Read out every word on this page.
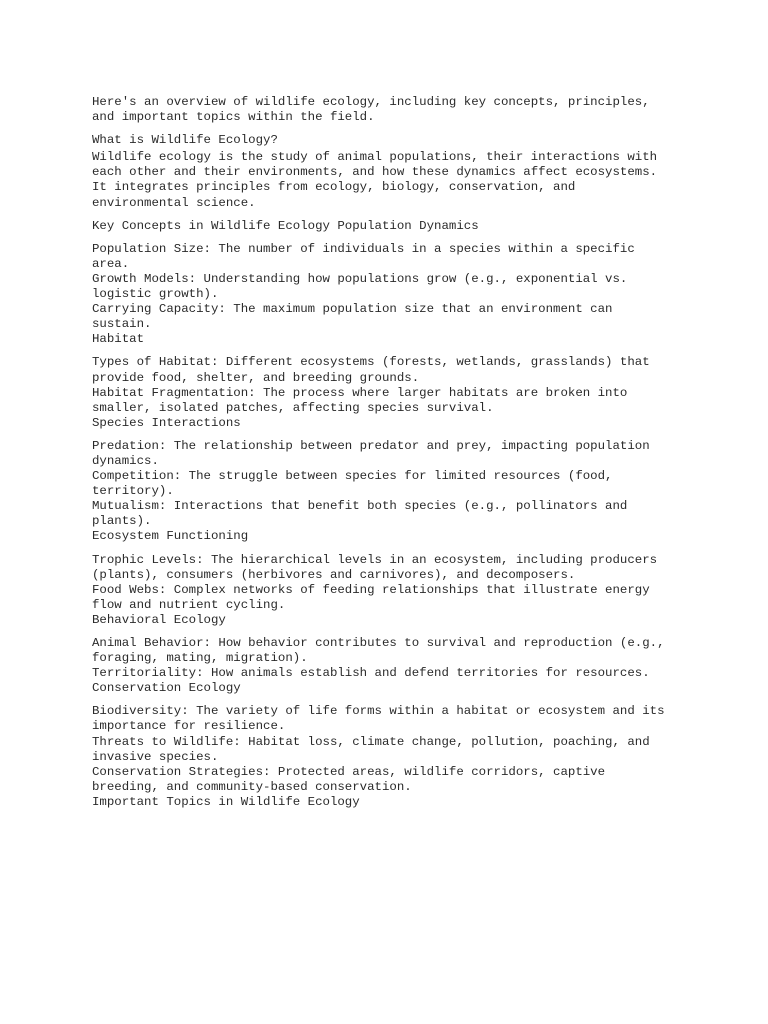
Here's an overview of wildlife ecology, including key concepts, principles,
and important topics within the field.

What is Wildlife Ecology?

Wildlife ecology is the study of animal populations, their interactions with
each other and their environments, and how these dynamics affect ecosystems.
It integrates principles from ecology, biology, conservation, and
environmental science.

Key Concepts in Wildlife Ecology Population Dynamics

Population Size: The number of individuals in a species within a specific
area.
Growth Models: Understanding how populations grow (e.g., exponential vs.
logistic growth).
Carrying Capacity: The maximum population size that an environment can
sustain.
Habitat

Types of Habitat: Different ecosystems (forests, wetlands, grasslands) that
provide food, shelter, and breeding grounds.
Habitat Fragmentation: The process where larger habitats are broken into
smaller, isolated patches, affecting species survival.
Species Interactions

Predation: The relationship between predator and prey, impacting population
dynamics.
Competition: The struggle between species for limited resources (food,
territory).
Mutualism: Interactions that benefit both species (e.g., pollinators and
plants).
Ecosystem Functioning

Trophic Levels: The hierarchical levels in an ecosystem, including producers
(plants), consumers (herbivores and carnivores), and decomposers.
Food Webs: Complex networks of feeding relationships that illustrate energy
flow and nutrient cycling.
Behavioral Ecology

Animal Behavior: How behavior contributes to survival and reproduction (e.g.,
foraging, mating, migration).
Territoriality: How animals establish and defend territories for resources.
Conservation Ecology

Biodiversity: The variety of life forms within a habitat or ecosystem and its
importance for resilience.
Threats to Wildlife: Habitat loss, climate change, pollution, poaching, and
invasive species.
Conservation Strategies: Protected areas, wildlife corridors, captive
breeding, and community-based conservation.
Important Topics in Wildlife Ecology
